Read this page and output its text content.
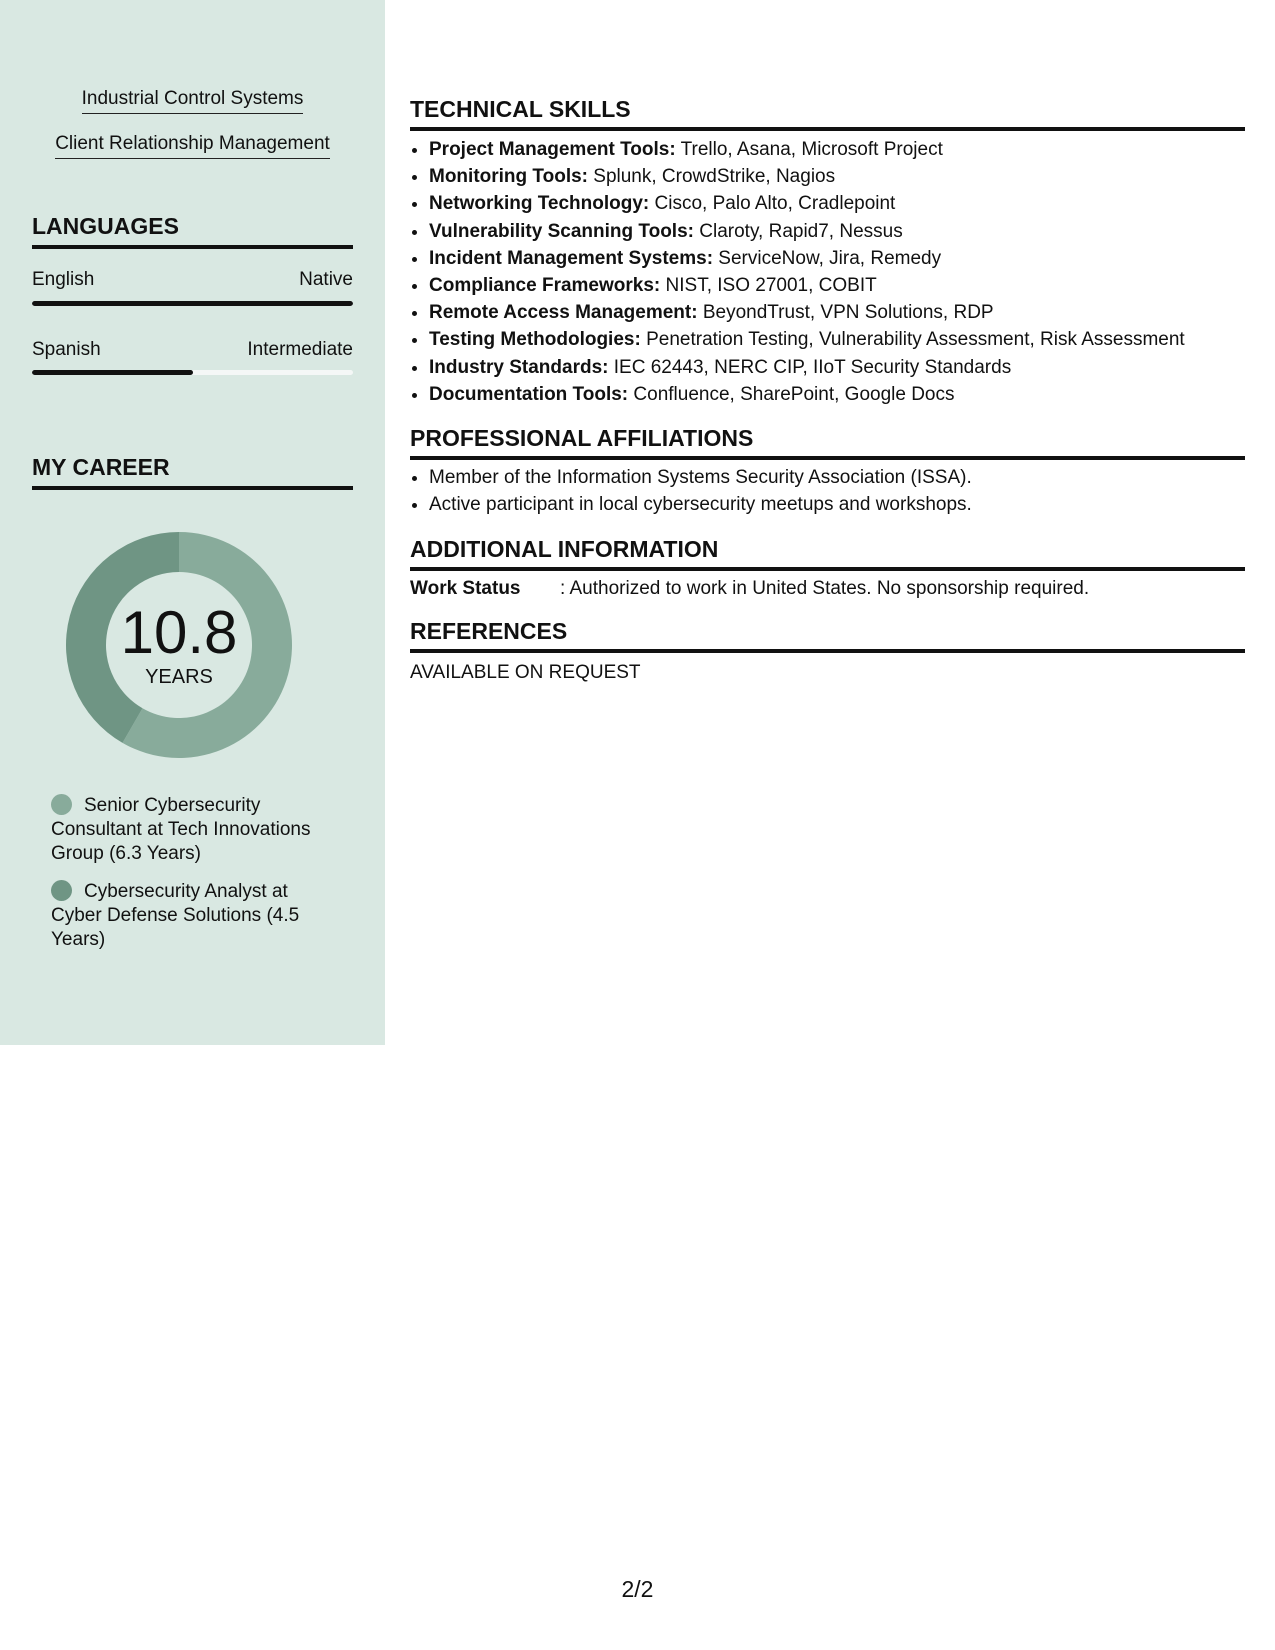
Industrial Control Systems
Client Relationship Management
LANGUAGES
English	Native
Spanish	Intermediate
MY CAREER
10.8
YEARS
Senior Cybersecurity Consultant at Tech Innovations Group (6.3 Years)
Cybersecurity Analyst at Cyber Defense Solutions (4.5 Years)
TECHNICAL SKILLS
• Project Management Tools: Trello, Asana, Microsoft Project
• Monitoring Tools: Splunk, CrowdStrike, Nagios
• Networking Technology: Cisco, Palo Alto, Cradlepoint
• Vulnerability Scanning Tools: Claroty, Rapid7, Nessus
• Incident Management Systems: ServiceNow, Jira, Remedy
• Compliance Frameworks: NIST, ISO 27001, COBIT
• Remote Access Management: BeyondTrust, VPN Solutions, RDP
• Testing Methodologies: Penetration Testing, Vulnerability Assessment, Risk Assessment
• Industry Standards: IEC 62443, NERC CIP, IIoT Security Standards
• Documentation Tools: Confluence, SharePoint, Google Docs
PROFESSIONAL AFFILIATIONS
• Member of the Information Systems Security Association (ISSA).
• Active participant in local cybersecurity meetups and workshops.
ADDITIONAL INFORMATION
Work Status : Authorized to work in United States. No sponsorship required.
REFERENCES
AVAILABLE ON REQUEST
2/2
